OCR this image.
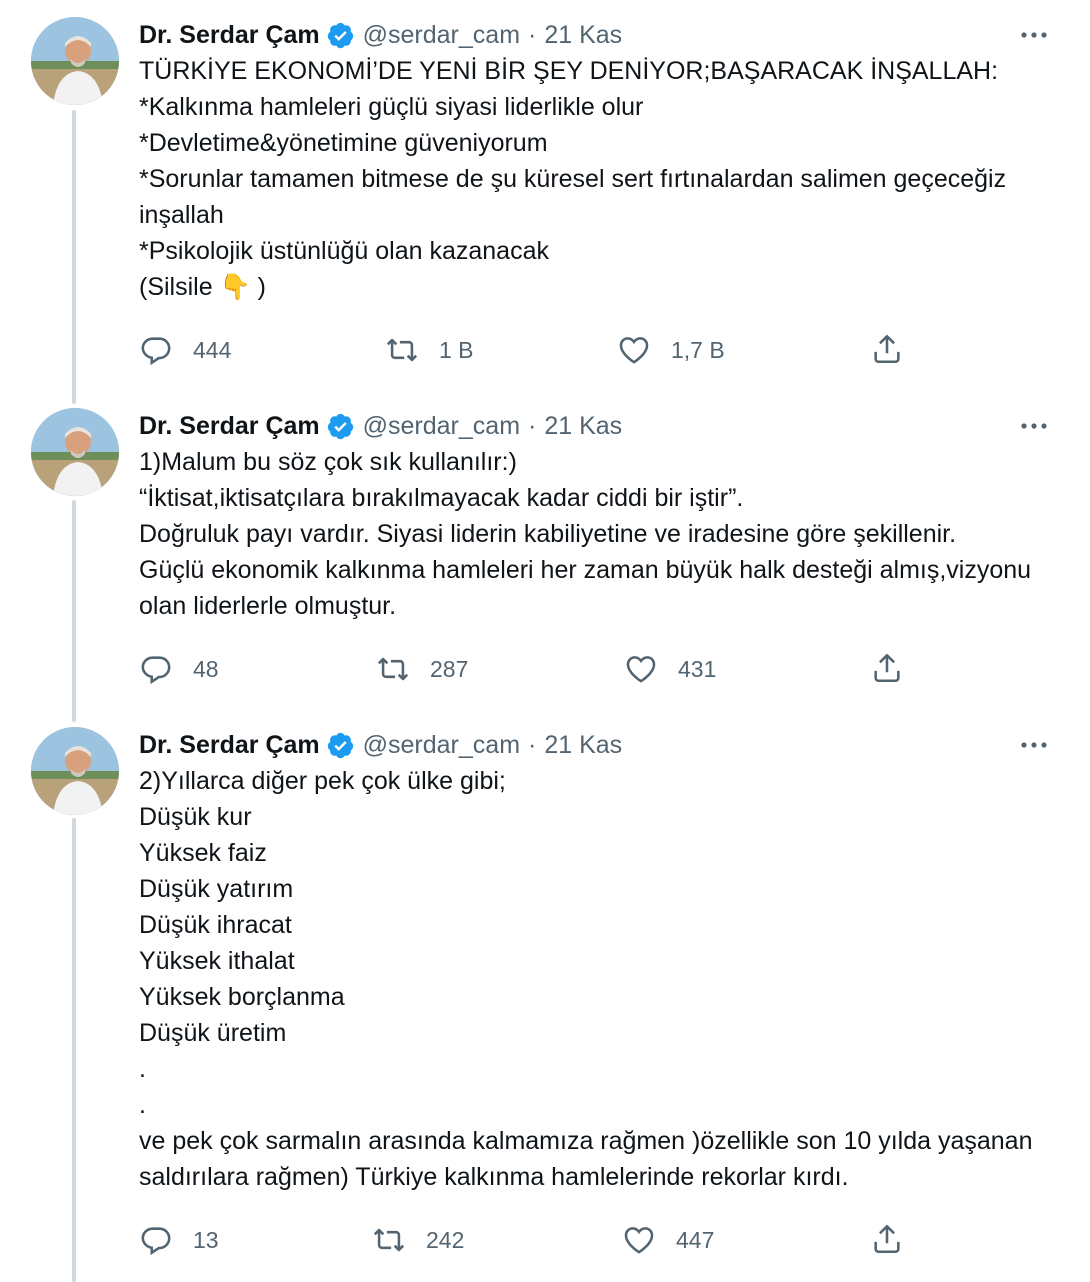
Dr. Serdar Çam @serdar_cam · 21 Kas
TÜRKİYE EKONOMİ’DE YENİ BİR ŞEY DENİYOR;BAŞARACAK İNŞALLAH:
*Kalkınma hamleleri güçlü siyasi liderlikle olur
*Devletime&yönetimine güveniyorum
*Sorunlar tamamen bitmese de şu küresel sert fırtınalardan salimen geçeceğiz inşallah
*Psikolojik üstünlüğü olan kazanacak
(Silsile 👇 )
444	1 B	1,7 B
Dr. Serdar Çam @serdar_cam · 21 Kas
1)Malum bu söz çok sık kullanılır:)
“İktisat,iktisatçılara bırakılmayacak kadar ciddi bir iştir”.
Doğruluk payı vardır. Siyasi liderin kabiliyetine ve iradesine göre şekillenir.
Güçlü ekonomik kalkınma hamleleri her zaman büyük halk desteği almış,vizyonu olan liderlerle olmuştur.
48	287	431
Dr. Serdar Çam @serdar_cam · 21 Kas
2)Yıllarca diğer pek çok ülke gibi;
Düşük kur
Yüksek faiz
Düşük yatırım
Düşük ihracat
Yüksek ithalat
Yüksek borçlanma
Düşük üretim
.
.
ve pek çok sarmalın arasında kalmamıza rağmen )özellikle son 10 yılda yaşanan saldırılara rağmen) Türkiye kalkınma hamlelerinde rekorlar kırdı.
13	242	447
